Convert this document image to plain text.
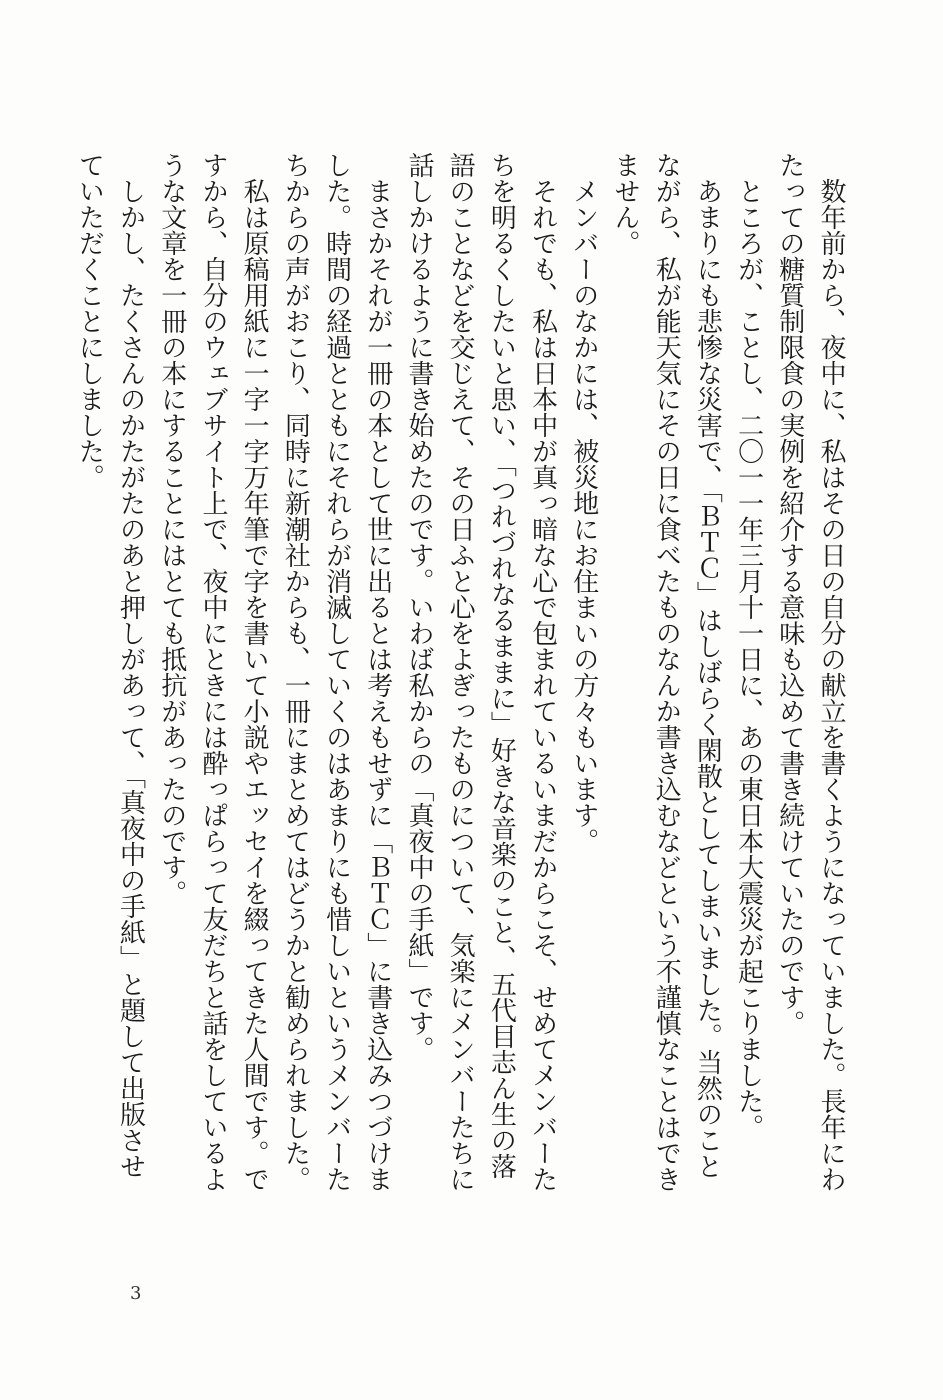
数年前から、夜中に、私はその日の自分の献立を書くようになっていました。長年にわたっての糖質制限食の実例を紹介する意味も込めて書き続けていたのです。

ところが、ことし、二〇一一年三月十一日に、あの東日本大震災が起こりました。

あまりにも悲惨な災害で、「ＢＴＣ」はしばらく閑散としてしまいました。当然のことながら、私が能天気にその日に食べたものなんか書き込むなどという不謹慎なことはできません。

メンバーのなかには、被災地にお住まいの方々もいます。

それでも、私は日本中が真っ暗な心で包まれているいまだからこそ、せめてメンバーたちを明るくしたいと思い、「つれづれなるままに」好きな音楽のこと、五代目志ん生の落語のことなどを交じえて、その日ふと心をよぎったものについて、気楽にメンバーたちに話しかけるように書き始めたのです。いわば私からの「真夜中の手紙」です。

まさかそれが一冊の本として世に出るとは考えもせずに「ＢＴＣ」に書き込みつづけました。時間の経過とともにそれらが消滅していくのはあまりにも惜しいというメンバーたちからの声がおこり、同時に新潮社からも、一冊にまとめてはどうかと勧められました。

私は原稿用紙に一字一字万年筆で字を書いて小説やエッセイを綴ってきた人間です。ですから、自分のウェブサイト上で、夜中にときには酔っぱらって友だちと話をしているような文章を一冊の本にすることにはとても抵抗があったのです。

しかし、たくさんのかたがたのあと押しがあって、「真夜中の手紙」と題して出版させていただくことにしました。

3
